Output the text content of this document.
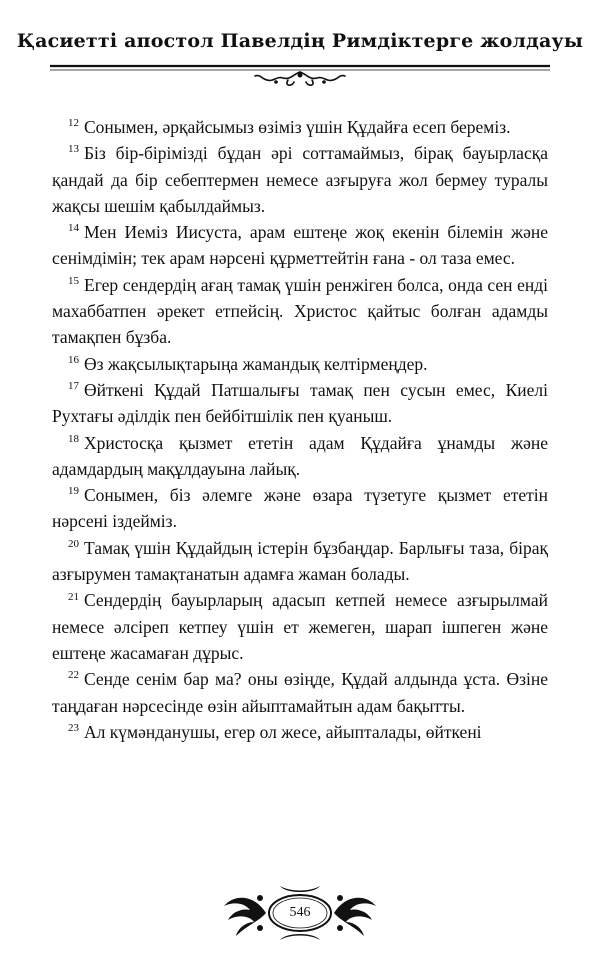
Қасиетті апостол Павелдің Римдіктерге жолдауы

$^{12}$ Сонымен, әрқайсымыз өзіміз үшін Құдайға есеп береміз.

$^{13}$ Біз бір-бірімізді бұдан әрі соттамаймыз, бірақ бауырласқа қандай да бір себептермен немесе азғыруға жол бермеу туралы жақсы шешім қабылдаймыз.

$^{14}$ Мен Иеміз Иисуста, арам ештеңе жоқ екенін білемін және сенімдімін; тек арам нәрсені құрметтейтін ғана - ол таза емес.

$^{15}$ Егер сендердің ағаң тамақ үшін ренжіген болса, онда сен енді махаббатпен әрекет етпейсің. Христос қайтыс болған адамды тамақпен бұзба.

$^{16}$ Өз жақсылықтарыңа жамандық келтірмеңдер.

$^{17}$ Өйткені Құдай Патшалығы тамақ пен сусын емес, Киелі Рухтағы әділдік пен бейбітшілік пен қуаныш.

$^{18}$ Христосқа қызмет ететін адам Құдайға ұнамды және адамдардың мақұлдауына лайық.

$^{19}$ Сонымен, біз әлемге және өзара түзетуге қызмет ететін нәрсені іздейміз.

$^{20}$ Тамақ үшін Құдайдың істерін бұзбаңдар. Барлығы таза, бірақ азғырумен тамақтанатын адамға жаман болады.

$^{21}$ Сендердің бауырларың адасып кетпей немесе азғырылмай немесе әлсіреп кетпеу үшін ет жемеген, шарап ішпеген және ештеңе жасамаған дұрыс.

$^{22}$ Сенде сенім бар ма? оны өзіңде, Құдай алдында ұста. Өзіне таңдаған нәрсесінде өзін айыптамайтын адам бақытты.

$^{23}$ Ал күмәнданушы, егер ол жесе, айыпталады, өйткені

546
